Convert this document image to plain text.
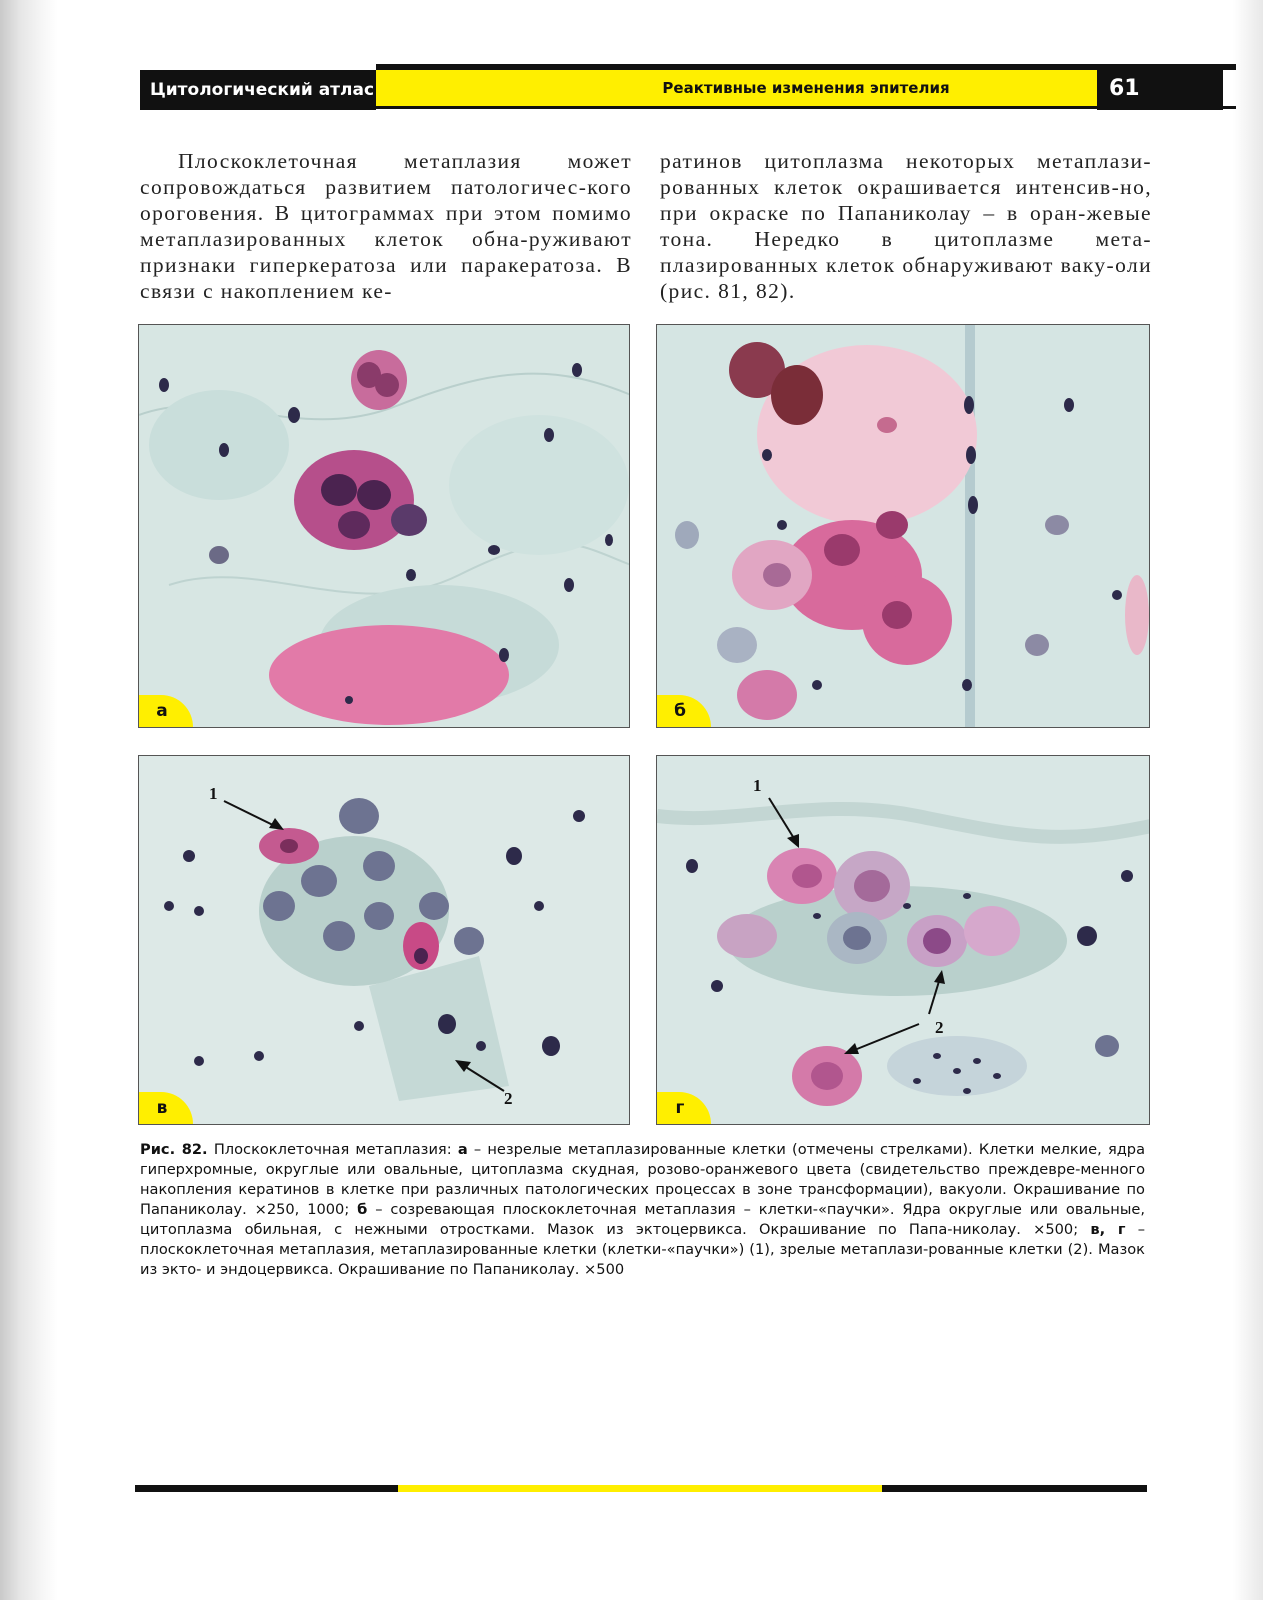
Цитологический атлас	Реактивные изменения эпителия	61

Плоскоклеточная метаплазия может сопровождаться развитием патологичес-кого ороговения. В цитограммах при этом помимо метаплазированных клеток обна-руживают признаки гиперкератоза или паракератоза. В связи с накоплением ке-

ратинов цитоплазма некоторых метаплази-рованных клеток окрашивается интенсив-но, при окраске по Папаниколау – в оран-жевые тона. Нередко в цитоплазме мета-плазированных клеток обнаруживают ваку-оли (рис. 81, 82).

а	б
1
2
в
1
2
г

Рис. 82. Плоскоклеточная метаплазия: а – незрелые метаплазированные клетки (отмечены стрелками). Клетки мелкие, ядра гиперхромные, округлые или овальные, цитоплазма скудная, розово-оранжевого цвета (свидетельство преждевре-менного накопления кератинов в клетке при различных патологических процессах в зоне трансформации), вакуоли. Окрашивание по Папаниколау. ×250, 1000; б – созревающая плоскоклеточная метаплазия – клетки-«паучки». Ядра округлые или овальные, цитоплазма обильная, с нежными отростками. Мазок из эктоцервикса. Окрашивание по Папа-николау. ×500; в, г – плоскоклеточная метаплазия, метаплазированные клетки (клетки-«паучки») (1), зрелые метаплази-рованные клетки (2). Мазок из экто- и эндоцервикса. Окрашивание по Папаниколау. ×500
